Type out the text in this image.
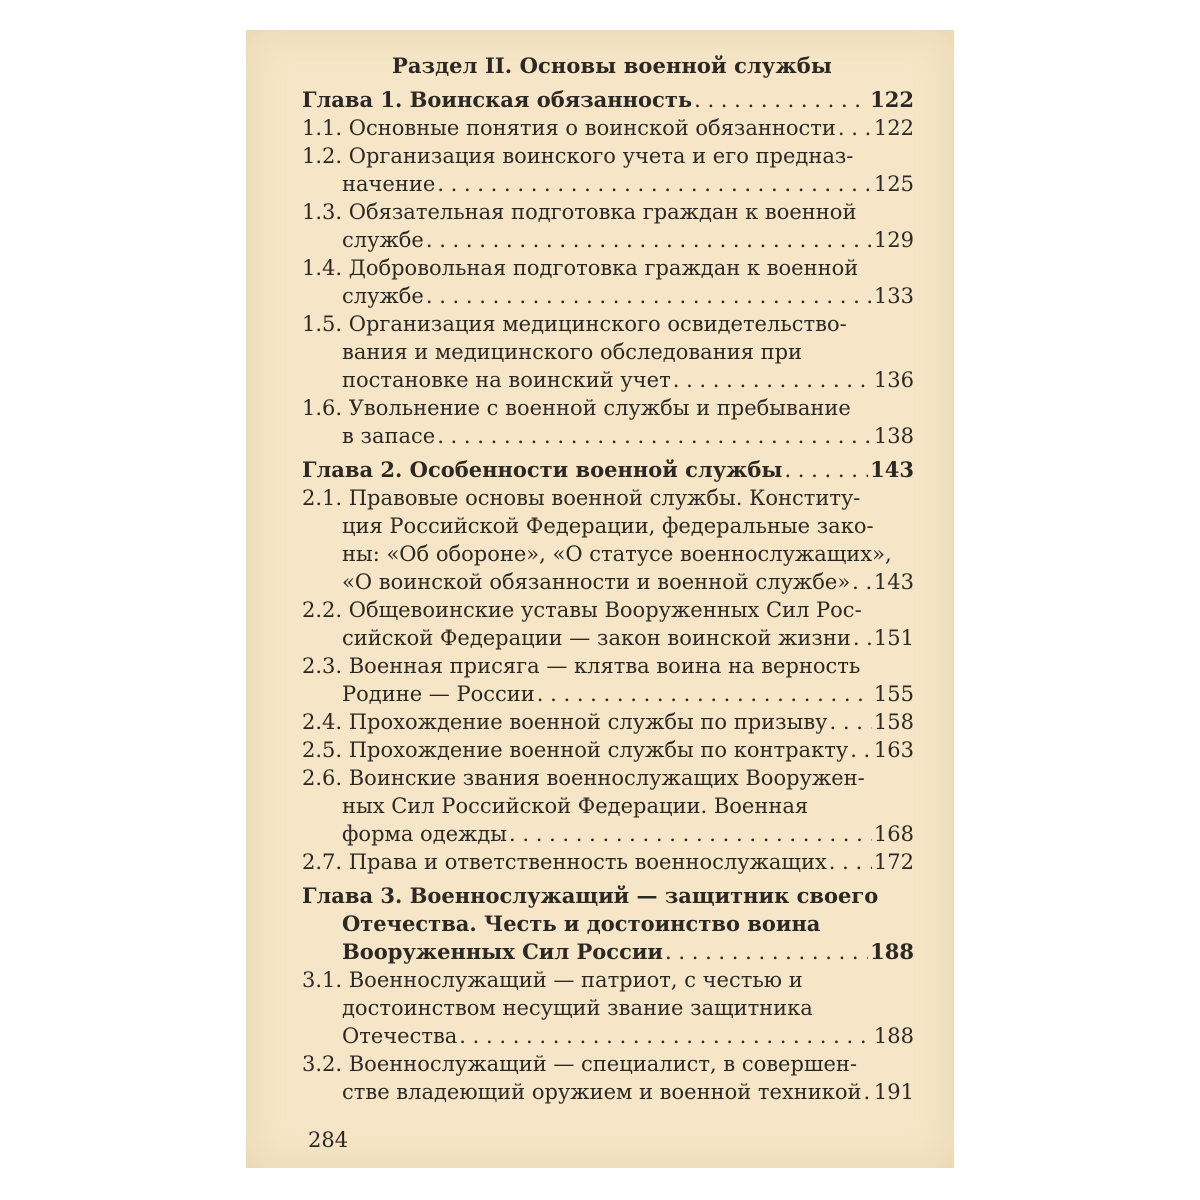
Раздел II. Основы военной службы
Глава 1. Воинская обязанность . . .	122
1.1. Основные понятия о воинской обязанности . . . 122
1.2. Организация воинского учета и его предназ-
начение . . .	125
1.3. Обязательная подготовка граждан к военной
службе . . .	129
1.4. Добровольная подготовка граждан к военной
службе . . .	133
1.5. Организация медицинского освидетельство-
вания и медицинского обследования при
постановке на воинский учет . . .	136
1.6. Увольнение с военной службы и пребывание
в запасе . . .	138
Глава 2. Особенности военной службы . . .	143
2.1. Правовые основы военной службы. Конститу-
ция Российской Федерации, федеральные зако-
ны: «Об обороне», «О статусе военнослужащих»,
«О воинской обязанности и военной службе» . . . 143
2.2. Общевоинские уставы Вооруженных Сил Рос-
сийской Федерации — закон воинской жизни . . . 151
2.3. Военная присяга — клятва воина на верность
Родине — России . . .	155
2.4. Прохождение военной службы по призыву . . . 158
2.5. Прохождение военной службы по контракту . . . 163
2.6. Воинские звания военнослужащих Вооружен-
ных Сил Российской Федерации. Военная
форма одежды . . .	168
2.7. Права и ответственность военнослужащих . . . 172
Глава 3. Военнослужащий — защитник своего
Отечества. Честь и достоинство воина
Вооруженных Сил России . . .	188
3.1. Военнослужащий — патриот, с честью и
достоинством несущий звание защитника
Отечества . . .	188
3.2. Военнослужащий — специалист, в совершен-
стве владеющий оружием и военной техникой . . . 191
284
